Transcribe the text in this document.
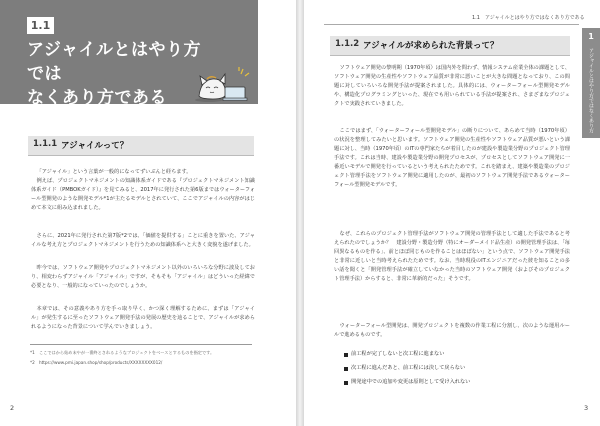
1.1
アジャイルとはやり方では
なくあり方である
1.1.1 アジャイルって？

「アジャイル」という言葉が一般的になってずいぶんと経ちます。

例えば、プロジェクトマネジメントの知識体系ガイドである『プロジェクトマネジメント知識体系ガイド（PMBOKガイド）』を見てみると、2017年に発行された第6版まではウォーターフォール型開発のような開発モデル*1が主たるモデルとされていて、ここでアジャイルの内容がはじめて本文に組み込まれました。

さらに、2021年に発行された第7版*2では、「価値を提供する」ことに重きを置いた、アジャイルな考え方とプロジェクトマネジメントを行うための知識体系へと大きく変貌を遂げました。

昨今では、ソフトウェア開発やプロジェクトマネジメント以外のいろいろな分野に波及しており、相変わらずアジャイル「アジャイル」ですが、そもそも「アジャイル」はどういった経緯で必要となり、一般的になっていったのでしょうか。

本章では、その意義やあり方を手っ取り早く、かつ深く理解するために、まずは「アジャイル」が発生するに至ったソフトウェア開発手法の発展の歴史を辿ることで、アジャイルが求められるようになった背景について学んでいきましょう。

*1　ここではから始め末やが一番終とされるようなプロジェクトをベースとするものを指定です。
*2　https://www.pmi.japan.shop/shop/products/XXXXXXXX012/
2
1.1　アジャイルとはやり方ではなくあり方である
1
アジャイルとはやり方ではなくあり方である
1.1.2 アジャイルが求められた背景って？

ソフトウェア開発の黎明期（1970年頃）は国内外を問わず、情報システム産業全体の課題として、ソフトウェア開発の生産性やソフトウェア品質が非常に悪いことが大きな問題となっており、この問題に対していろいろな開発手法が提案されました。具体的には、ウォーターフォール型開発モデルや、構造化プログラミングといった、現在でも用いられている手法が提案され、さまざまなプロジェクトで実践されていきました。

ここではまず、「ウォーターフォール型開発モデル」の断りについて、あらめて当時（1970年頃）の状況を整理してみたいと思います。ソフトウェア開発の生産性やソフトウェア品質が悪いという課題に対し、当時（1970年頃）のITの専門家たちが着目したのが建設や製造業分野のプロジェクト管理手法です。これは当時、建設や製造業分野の開発プロセスが、プロセスとしてソフトウェア開発に一番近いモデルで開発を行っているという考えられたためです。これを踏まえ、建築や製造業のプロジェクト管理手法をソフトウェア開発に適用したのが、最初のソフトウェア開発手法であるウォーターフォール型開発モデルです。

なぜ、これらのプロジェクト管理手法がソフトウェア開発の管理手法として適した手法であると考えられたのでしょうか？　建設分野・製造分野（特にオーダーメイド品生産）の開発管理手法は、「毎回異なるものを作る」、前とほぼ同じものを作ることはほぼない」という点で、ソフトウェア開発手法と非常に近しいと当時考えられたためです。なお、当時現役のITエンジニアだった彼を知ることの多い話を聞くと「開発管理手法が確立していなかった当時のソフトウェア開発（およびそのプロジェクト管理手法）からすると、非常に革新的だった」そうです。

ウォーターフォール型開発は、開発プロジェクトを複数の作業工程に分割し、次のような運用ルールで進めるものです。

前工程が完了しないと次工程に進まない
次工程に進んだあと、前工程には決して戻らない
開発途中での追加や変更は原則として受け入れない
3
